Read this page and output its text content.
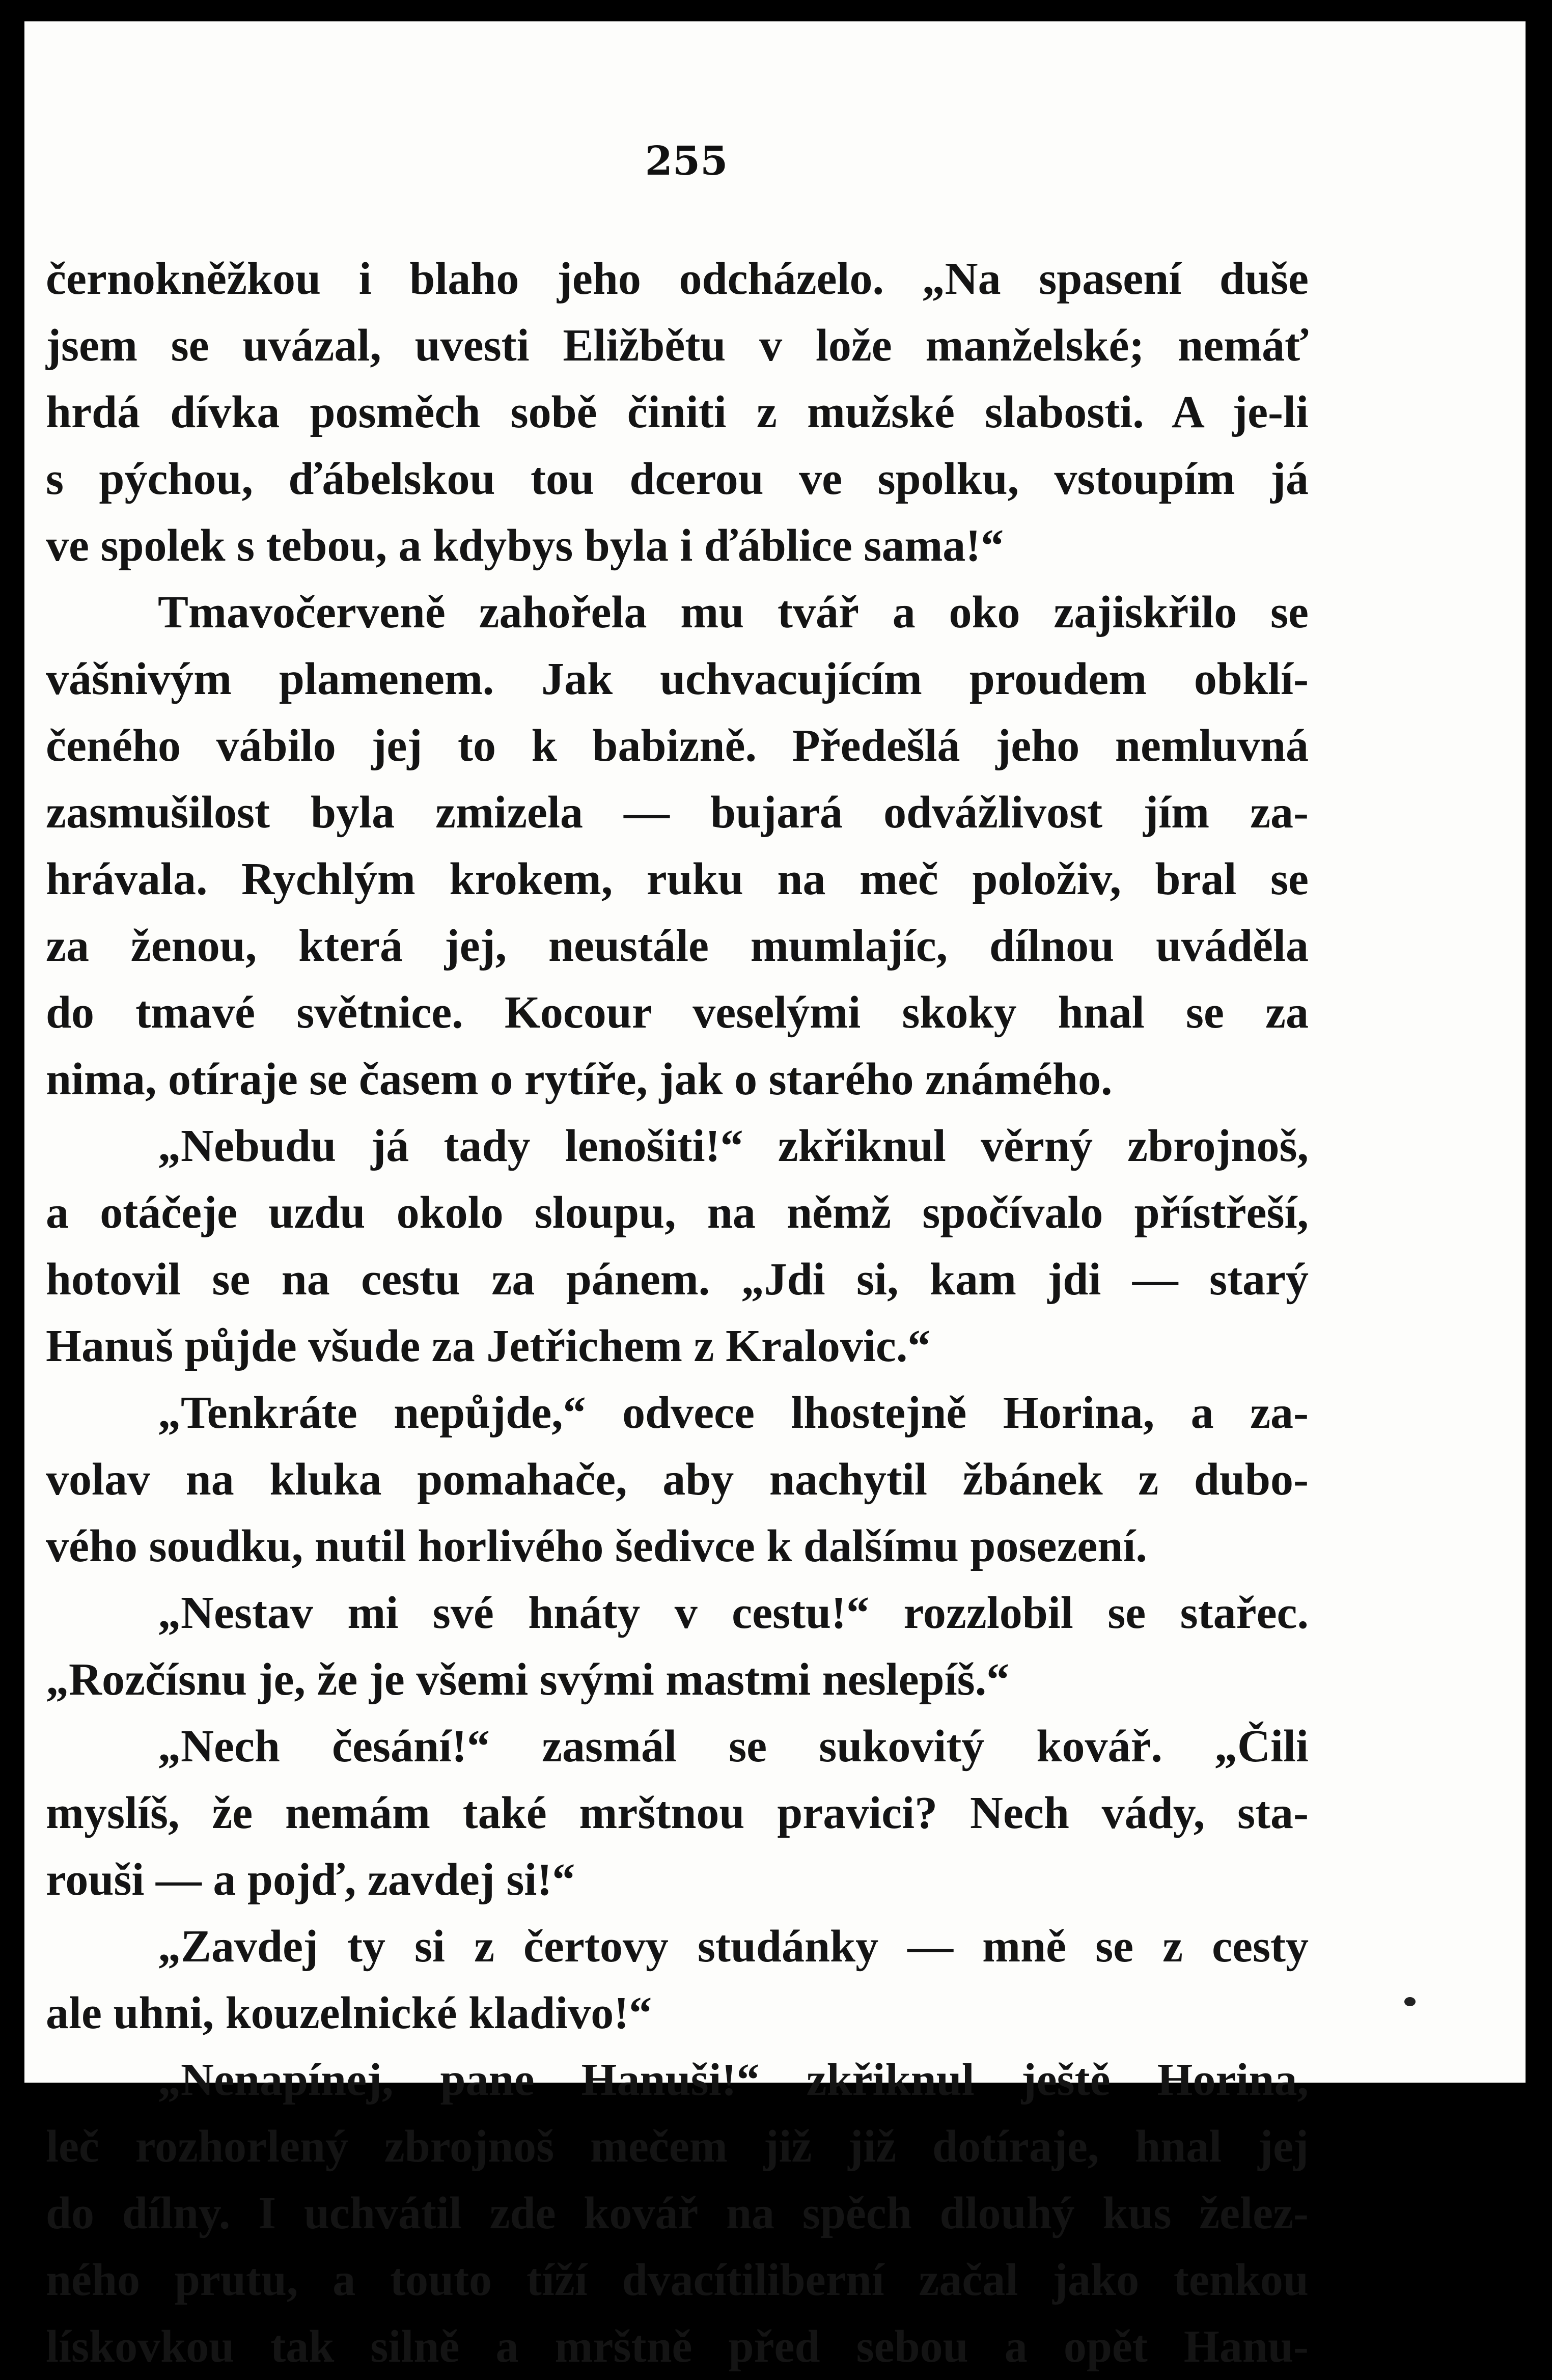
255
černokněžkou i blaho jeho odcházelo. „Na spasení duše
jsem se uvázal, uvesti Eližbětu v lože manželské; nemáť
hrdá dívka posměch sobě činiti z mužské slabosti. A je-li
s pýchou, ďábelskou tou dcerou ve spolku, vstoupím já
ve spolek s tebou, a kdybys byla i ďáblice sama!“
Tmavočerveně zahořela mu tvář a oko zajiskřilo se
vášnivým plamenem. Jak uchvacujícím proudem obklí-
čeného vábilo jej to k babizně. Předešlá jeho nemluvná
zasmušilost byla zmizela — bujará odvážlivost jím za-
hrávala. Rychlým krokem, ruku na meč položiv, bral se
za ženou, která jej, neustále mumlajíc, dílnou uváděla
do tmavé světnice. Kocour veselými skoky hnal se za
nima, otíraje se časem o rytíře, jak o starého známého.
„Nebudu já tady lenošiti!“ zkřiknul věrný zbrojnoš,
a otáčeje uzdu okolo sloupu, na němž spočívalo přístřeší,
hotovil se na cestu za pánem. „Jdi si, kam jdi — starý
Hanuš půjde všude za Jetřichem z Kralovic.“
„Tenkráte nepůjde,“ odvece lhostejně Horina, a za-
volav na kluka pomahače, aby nachytil žbánek z dubo-
vého soudku, nutil horlivého šedivce k dalšímu posezení.
„Nestav mi své hnáty v cestu!“ rozzlobil se stařec.
„Rozčísnu je, že je všemi svými mastmi neslepíš.“
„Nech česání!“ zasmál se sukovitý kovář. „Čili
myslíš, že nemám také mrštnou pravici? Nech vády, sta-
rouši — a pojď, zavdej si!“
„Zavdej ty si z čertovy studánky — mně se z cesty
ale uhni, kouzelnické kladivo!“
„Nenapínej, pane Hanuši!“ zkřiknul ještě Horina,
leč rozhorlený zbrojnoš mečem již již dotíraje, hnal jej
do dílny. I uchvátil zde kovář na spěch dlouhý kus želez-
ného prutu, a touto tíží dvacítiliberní začal jako tenkou
lískovkou tak silně a mrštně před sebou a opět Hanu-
